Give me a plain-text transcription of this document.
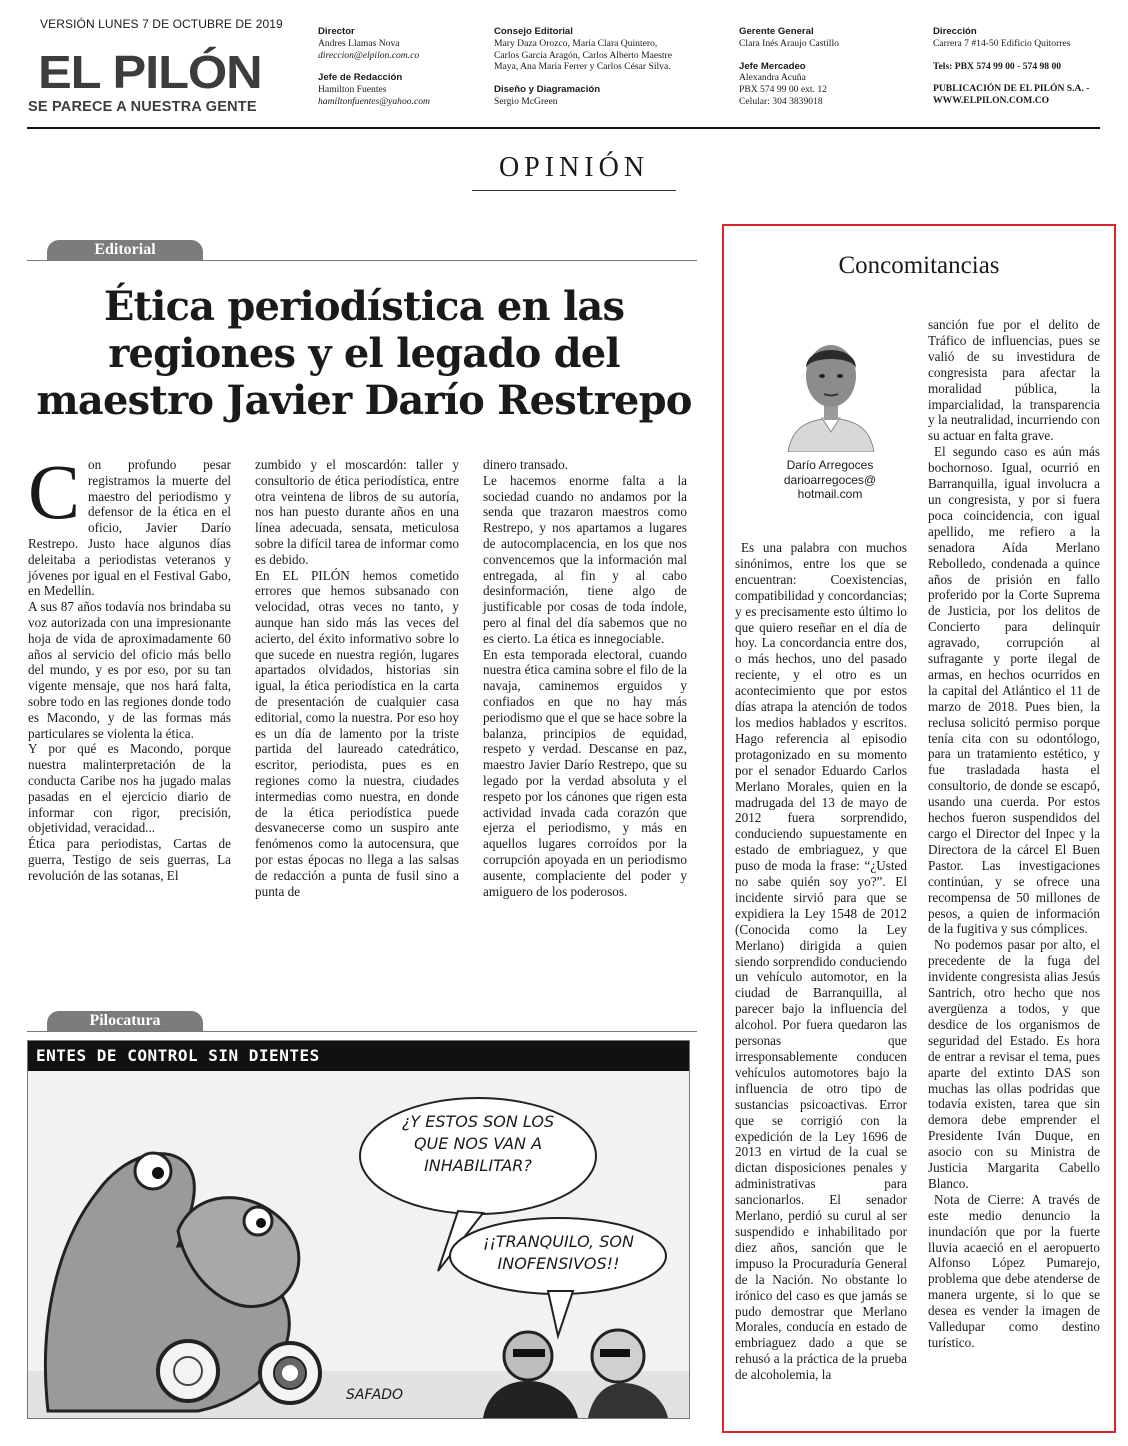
VERSIÓN LUNES 7 DE OCTUBRE DE 2019
EL PILÓN
SE PARECE A NUESTRA GENTE
Director
Andres Llamas Nova
direccion@elpilon.com.co
Jefe de Redacción
Hamilton Fuentes
hamiltonfuentes@yahoo.com
Consejo Editorial
Mary Daza Orozco, María Clara Quintero,
Carlos García Aragón, Carlos Alberto Maestre
Maya, Ana María Ferrer y Carlos César Silva.
Diseño y Diagramación
Sergio McGreen
Gerente General
Clara Inés Araujo Castillo
Jefe Mercadeo
Alexandra Acuña
PBX 574 99 00 ext. 12
Celular: 304 3839018
Dirección
Carrera 7 #14-50 Edificio Quitorres
Tels: PBX 574 99 00 - 574 98 00
PUBLICACIÓN DE EL PILÓN S.A. -
WWW.ELPILON.COM.CO
OPINIÓN
Editorial
Ética periodística en las regiones y el legado del maestro Javier Darío Restrepo

Con profundo pesar registramos la muerte del maestro del periodismo y defensor de la ética en el oficio, Javier Darío Restrepo. Justo hace algunos días deleitaba a periodistas veteranos y jóvenes por igual en el Festival Gabo, en Medellín.

A sus 87 años todavía nos brindaba su voz autorizada con una impresionante hoja de vida de aproximadamente 60 años al servicio del oficio más bello del mundo, y es por eso, por su tan vigente mensaje, que nos hará falta, sobre todo en las regiones donde todo es Macondo, y de las formas más particulares se violenta la ética.

Y por qué es Macondo, porque nuestra malinterpretación de la conducta Caribe nos ha jugado malas pasadas en el ejercicio diario de informar con rigor, precisión, objetividad, veracidad...

Ética para periodistas, Cartas de guerra, Testigo de seis guerras, La revolución de las sotanas, El

zumbido y el moscardón: taller y consultorio de ética periodística, entre otra veintena de libros de su autoría, nos han puesto durante años en una línea adecuada, sensata, meticulosa sobre la difícil tarea de informar como es debido.

En EL PILÓN hemos cometido errores que hemos subsanado con velocidad, otras veces no tanto, y aunque han sido más las veces del acierto, del éxito informativo sobre lo que sucede en nuestra región, lugares apartados olvidados, historias sin igual, la ética periodística en la carta de presentación de cualquier casa editorial, como la nuestra. Por eso hoy es un día de lamento por la triste partida del laureado catedrático, escritor, periodista, pues es en regiones como la nuestra, ciudades intermedias como nuestra, en donde de la ética periodística puede desvanecerse como un suspiro ante fenómenos como la autocensura, que por estas épocas no llega a las salsas de redacción a punta de fusil sino a punta de

dinero transado.

Le hacemos enorme falta a la sociedad cuando no andamos por la senda que trazaron maestros como Restrepo, y nos apartamos a lugares de autocomplacencia, en los que nos convencemos que la información mal entregada, al fin y al cabo desinformación, tiene algo de justificable por cosas de toda índole, pero al final del día sabemos que no es cierto. La ética es innegociable.

En esta temporada electoral, cuando nuestra ética camina sobre el filo de la navaja, caminemos erguidos y confiados en que no hay más periodismo que el que se hace sobre la balanza, principios de equidad, respeto y verdad. Descanse en paz, maestro Javier Darío Restrepo, que su legado por la verdad absoluta y el respeto por los cánones que rigen esta actividad invada cada corazón que ejerza el periodismo, y más en aquellos lugares corroídos por la corrupción apoyada en un periodismo ausente, complaciente del poder y amiguero de los poderosos.

Pilocatura
ENTES DE CONTROL SIN DIENTES
¿Y ESTOS SON LOS QUE NOS VAN A INHABILITAR?
¡¡TRANQUILO, SON INOFENSIVOS!!
SAFADO
Concomitancias
Darío Arregoces
darioarregoces@ hotmail.com

Es una palabra con muchos sinónimos, entre los que se encuentran: Coexistencias, compatibilidad y concordancias; y es precisamente esto último lo que quiero reseñar en el día de hoy. La concordancia entre dos, o más hechos, uno del pasado reciente, y el otro es un acontecimiento que por estos días atrapa la atención de todos los medios hablados y escritos. Hago referencia al episodio protagonizado en su momento por el senador Eduardo Carlos Merlano Morales, quien en la madrugada del 13 de mayo de 2012 fuera sorprendido, conduciendo supuestamente en estado de embriaguez, y que puso de moda la frase: “¿Usted no sabe quién soy yo?”. El incidente sirvió para que se expidiera la Ley 1548 de 2012 (Conocida como la Ley Merlano) dirigida a quien siendo sorprendido conduciendo un vehículo automotor, en la ciudad de Barranquilla, al parecer bajo la influencia del alcohol. Por fuera quedaron las personas que irresponsablemente conducen vehículos automotores bajo la influencia de otro tipo de sustancias psicoactivas. Error que se corrigió con la expedición de la Ley 1696 de 2013 en virtud de la cual se dictan disposiciones penales y administrativas para sancionarlos. El senador Merlano, perdió su curul al ser suspendido e inhabilitado por diez años, sanción que le impuso la Procuraduría General de la Nación. No obstante lo irónico del caso es que jamás se pudo demostrar que Merlano Morales, conducía en estado de embriaguez dado a que se rehusó a la práctica de la prueba de alcoholemia, la

sanción fue por el delito de Tráfico de influencias, pues se valió de su investidura de congresista para afectar la moralidad pública, la imparcialidad, la transparencia y la neutralidad, incurriendo con su actuar en falta grave.

El segundo caso es aún más bochornoso. Igual, ocurrió en Barranquilla, igual involucra a un congresista, y por si fuera poca coincidencia, con igual apellido, me refiero a la senadora Aída Merlano Rebolledo, condenada a quince años de prisión en fallo proferido por la Corte Suprema de Justicia, por los delitos de Concierto para delinquir agravado, corrupción al sufragante y porte ilegal de armas, en hechos ocurridos en la capital del Atlántico el 11 de marzo de 2018. Pues bien, la reclusa solicitó permiso porque tenía cita con su odontólogo, para un tratamiento estético, y fue trasladada hasta el consultorio, de donde se escapó, usando una cuerda. Por estos hechos fueron suspendidos del cargo el Director del Inpec y la Directora de la cárcel El Buen Pastor. Las investigaciones continúan, y se ofrece una recompensa de 50 millones de pesos, a quien de información de la fugitiva y sus cómplices.

No podemos pasar por alto, el precedente de la fuga del invidente congresista alias Jesús Santrich, otro hecho que nos avergüenza a todos, y que desdice de los organismos de seguridad del Estado. Es hora de entrar a revisar el tema, pues aparte del extinto DAS son muchas las ollas podridas que todavía existen, tarea que sin demora debe emprender el Presidente Iván Duque, en asocio con su Ministra de Justicia Margarita Cabello Blanco.

Nota de Cierre: A través de este medio denuncio la inundación que por la fuerte lluvia acaeció en el aeropuerto Alfonso López Pumarejo, problema que debe atenderse de manera urgente, si lo que se desea es vender la imagen de Valledupar como destino turístico.
